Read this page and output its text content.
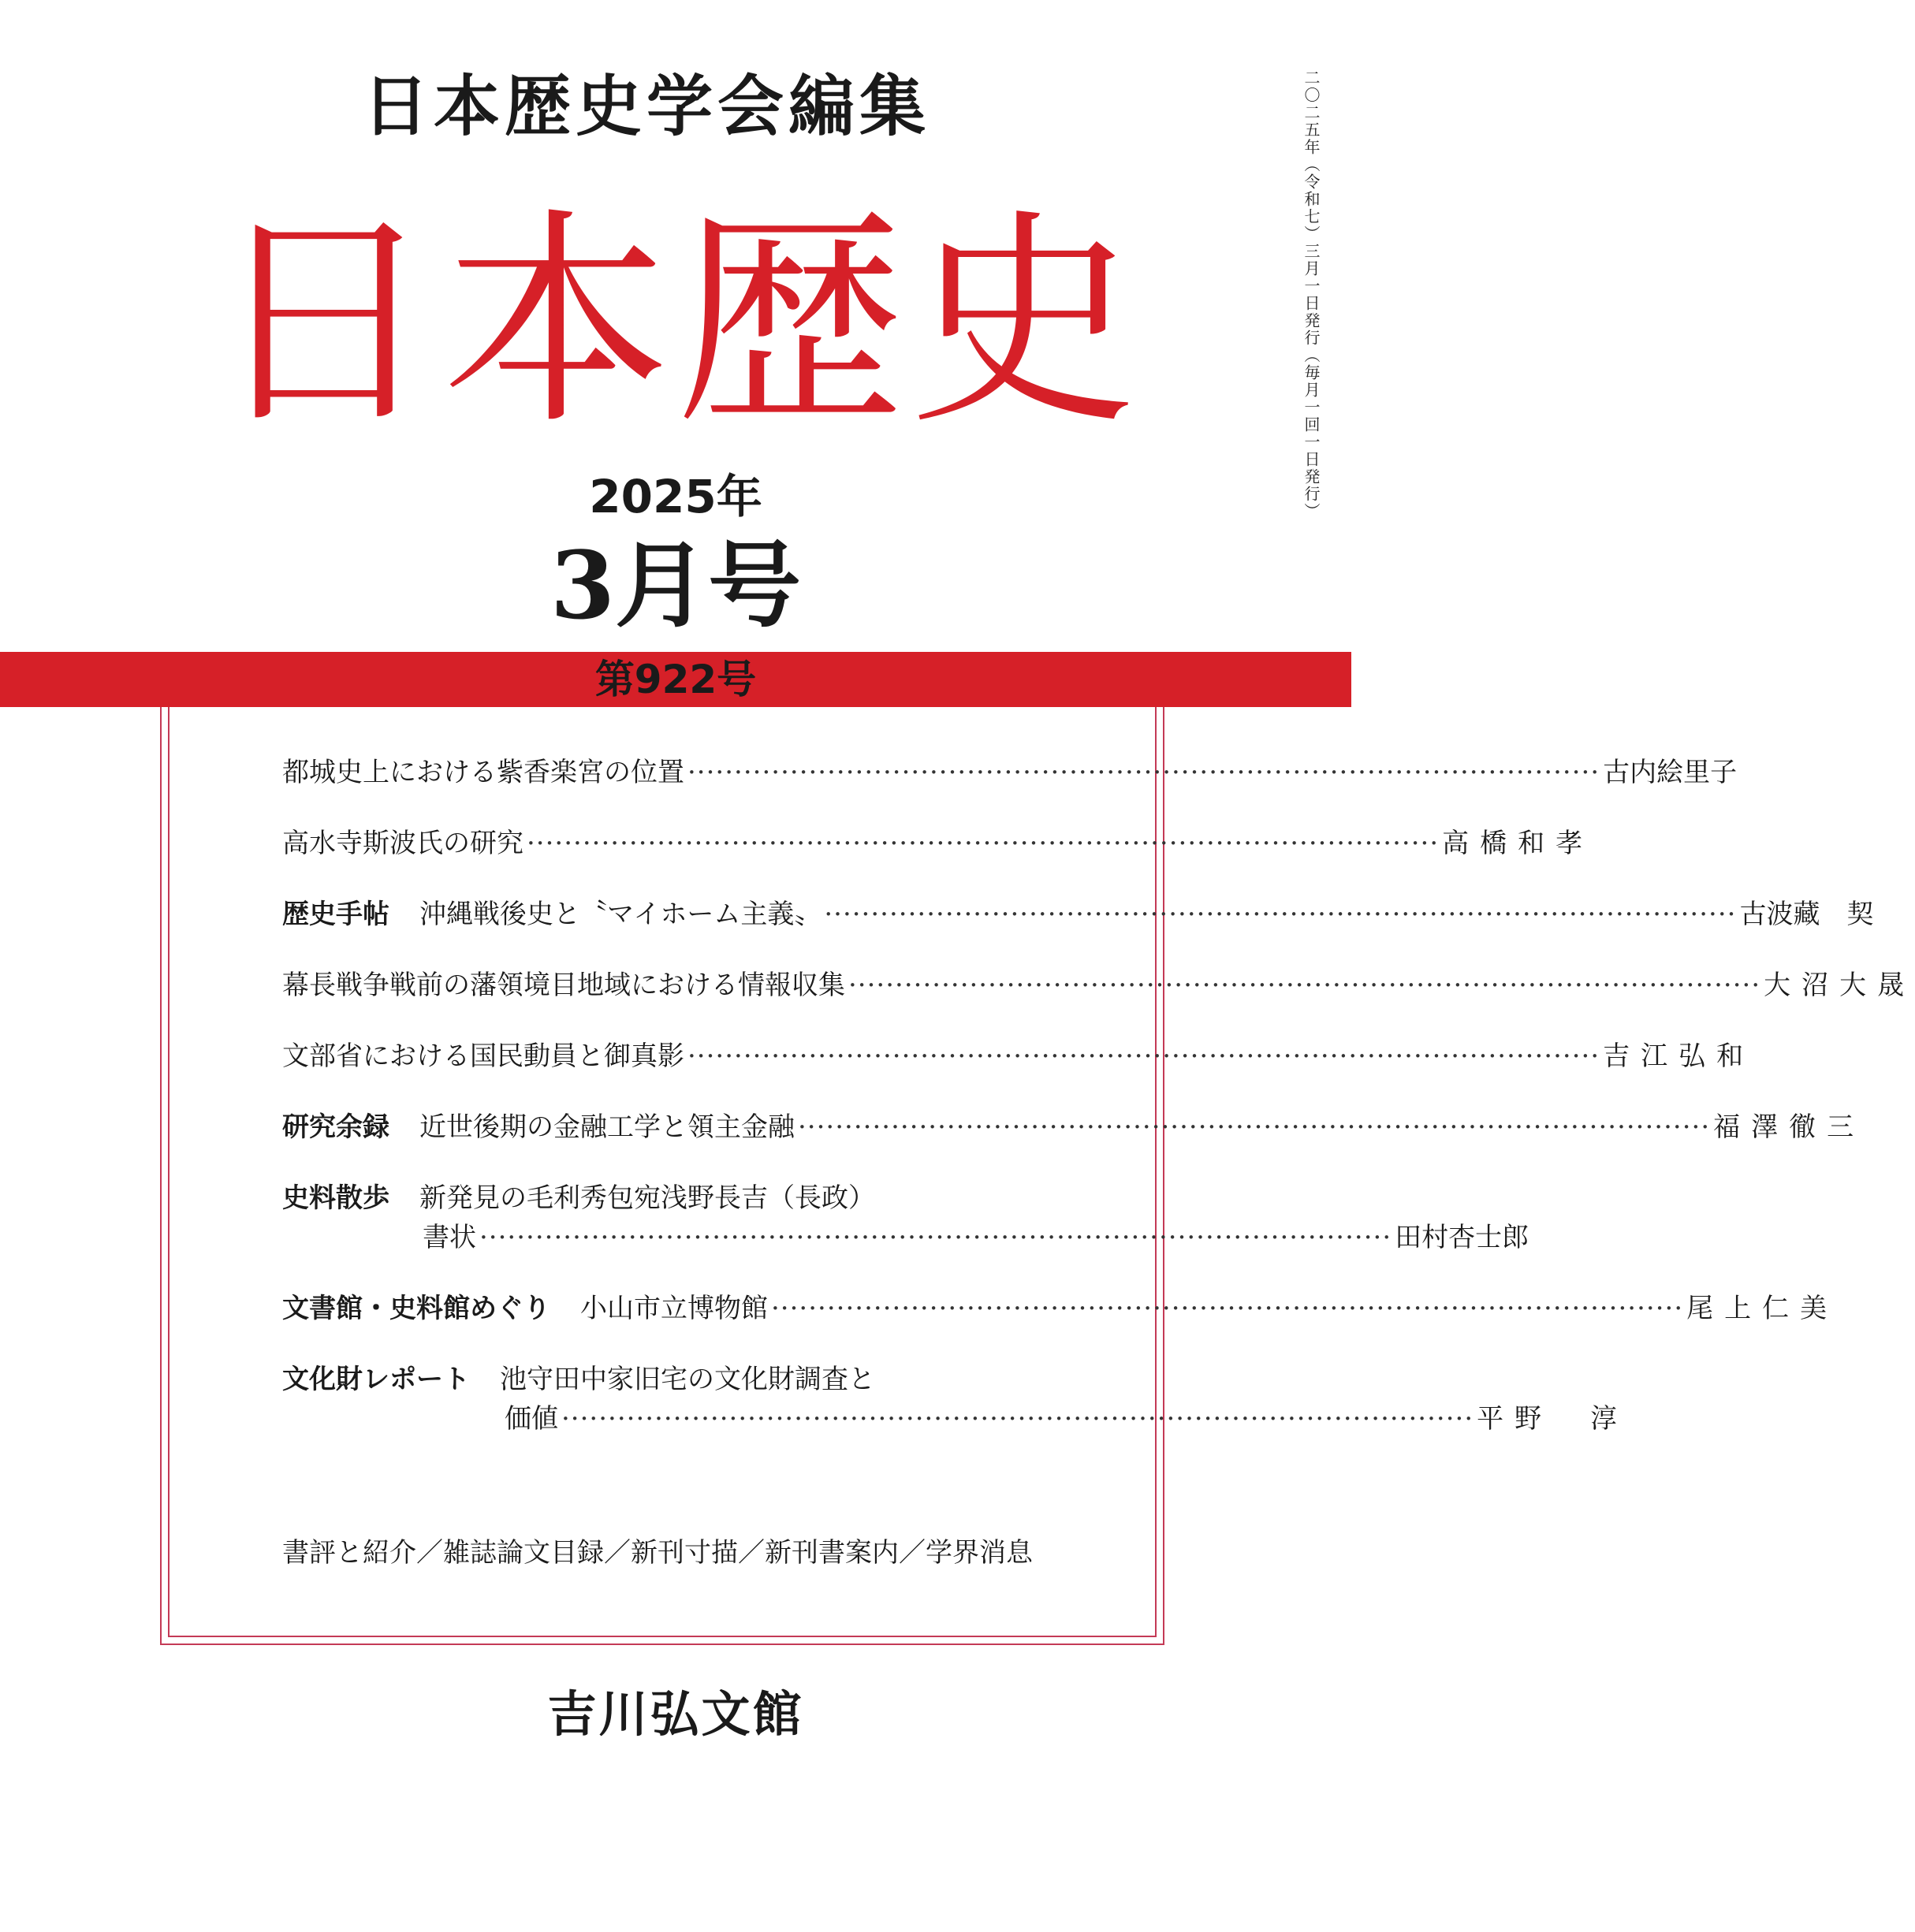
日本歴史学会編集
日本歴史
2025年
3月号
二〇二五年（令和七）三月一日発行（毎月一回一日発行）
第922号
都城史上における紫香楽宮の位置 ·································································································· 古内絵里子
高水寺斯波氏の研究 ·································································································· 高橋和孝
歴史手帖 沖縄戦後史と〝マイホーム主義〟 ·································································································· 古波藏　契
幕長戦争戦前の藩領境目地域における情報収集 ·································································································· 大沼大晟
文部省における国民動員と御真影 ·································································································· 吉江弘和
研究余録 近世後期の金融工学と領主金融 ·································································································· 福澤徹三
史料散歩 新発見の毛利秀包宛浅野長吉（長政）
書状 ·································································································· 田村杏士郎
文書館・史料館めぐり 小山市立博物館 ·································································································· 尾上仁美
文化財レポート 池守田中家旧宅の文化財調査と
価値 ·································································································· 平野　淳
書評と紹介／雑誌論文目録／新刊寸描／新刊書案内／学界消息
吉川弘文館
